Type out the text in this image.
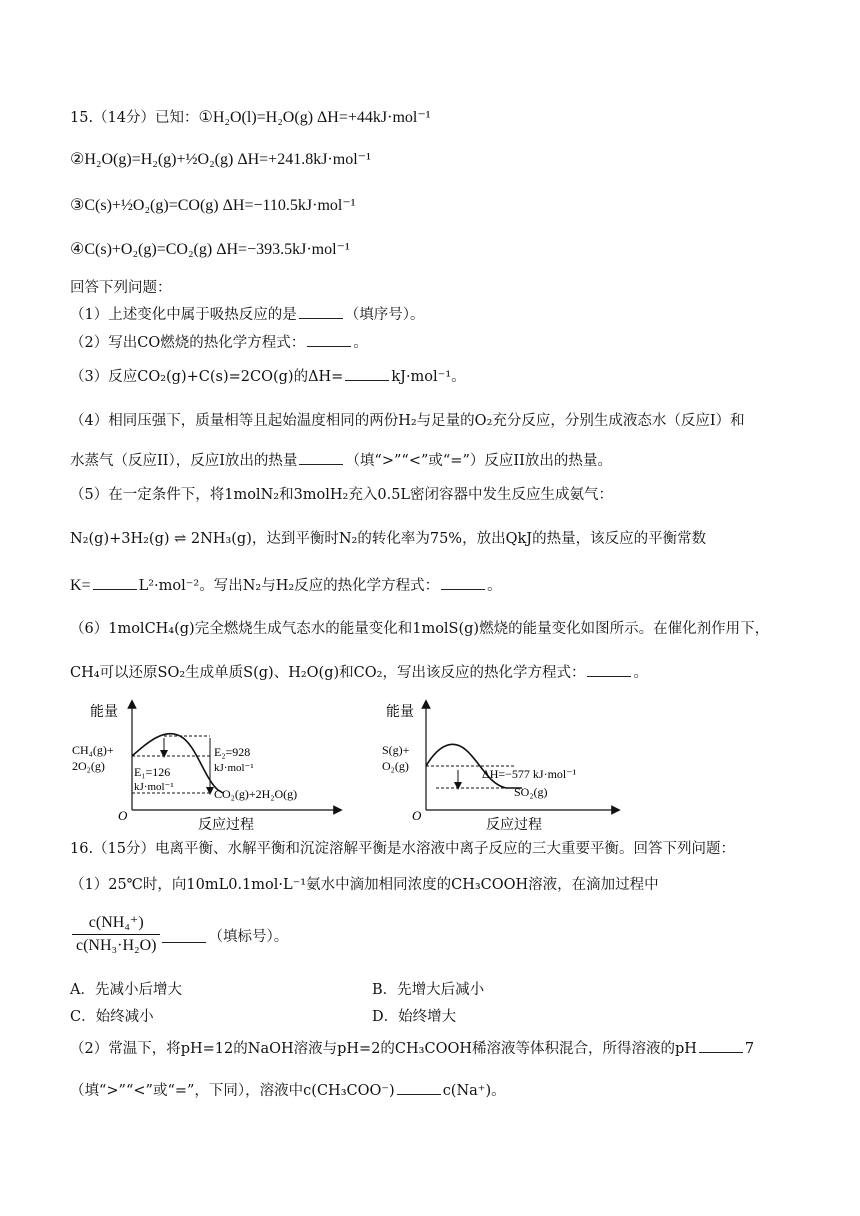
15.（14分）已知：①H₂O(l)=H₂O(g) ΔH=+44kJ·mol⁻¹
②H₂O(g)=H₂(g)+½O₂(g) ΔH=+241.8kJ·mol⁻¹
③C(s)+½O₂(g)=CO(g) ΔH=−110.5kJ·mol⁻¹
④C(s)+O₂(g)=CO₂(g) ΔH=−393.5kJ·mol⁻¹
回答下列问题：
（1）上述变化中属于吸热反应的是	（填序号）。
（2）写出CO燃烧的热化学方程式：	。
（3）反应CO₂(g)+C(s)=2CO(g)的ΔH=	kJ·mol⁻¹。
（4）相同压强下，质量相等且起始温度相同的两份H₂与足量的O₂充分反应，分别生成液态水（反应I）和
水蒸气（反应II），反应I放出的热量	（填“>”“<”或“=”）反应II放出的热量。
（5）在一定条件下，将1molN₂和3molH₂充入0.5L密闭容器中发生反应生成氨气：
N₂(g)+3H₂(g) ⇌ 2NH₃(g)，达到平衡时N₂的转化率为75%，放出QkJ的热量，该反应的平衡常数
K=	L²·mol⁻²。写出N₂与H₂反应的热化学方程式：	。
（6）1molCH₄(g)完全燃烧生成气态水的能量变化和1molS(g)燃烧的能量变化如图所示。在催化剂作用下，
CH₄可以还原SO₂生成单质S(g)、H₂O(g)和CO₂，写出该反应的热化学方程式：	。
能量
O
反应过程
CH₄(g)+
2O₂(g) E₁=126
kJ·mol⁻¹
E₂=928
kJ·mol⁻¹
CO₂(g)+2H₂O(g)
能量
O
反应过程
S(g)+
O₂(g)
ΔH=−577 kJ·mol⁻¹
SO₂(g)
16.（15分）电离平衡、水解平衡和沉淀溶解平衡是水溶液中离子反应的三大重要平衡。回答下列问题：
（1）25℃时，向10mL0.1mol·L⁻¹氨水中滴加相同浓度的CH₃COOH溶液，在滴加过程中
c(NH₄⁺)
c(NH₃·H₂O)	（填标号）。
A．先减小后增大	B．先增大后减小
C．始终减小	D．始终增大
（2）常温下，将pH=12的NaOH溶液与pH=2的CH₃COOH稀溶液等体积混合，所得溶液的pH	7
（填“>”“<”或“=”，下同），溶液中c(CH₃COO⁻)	c(Na⁺)。
